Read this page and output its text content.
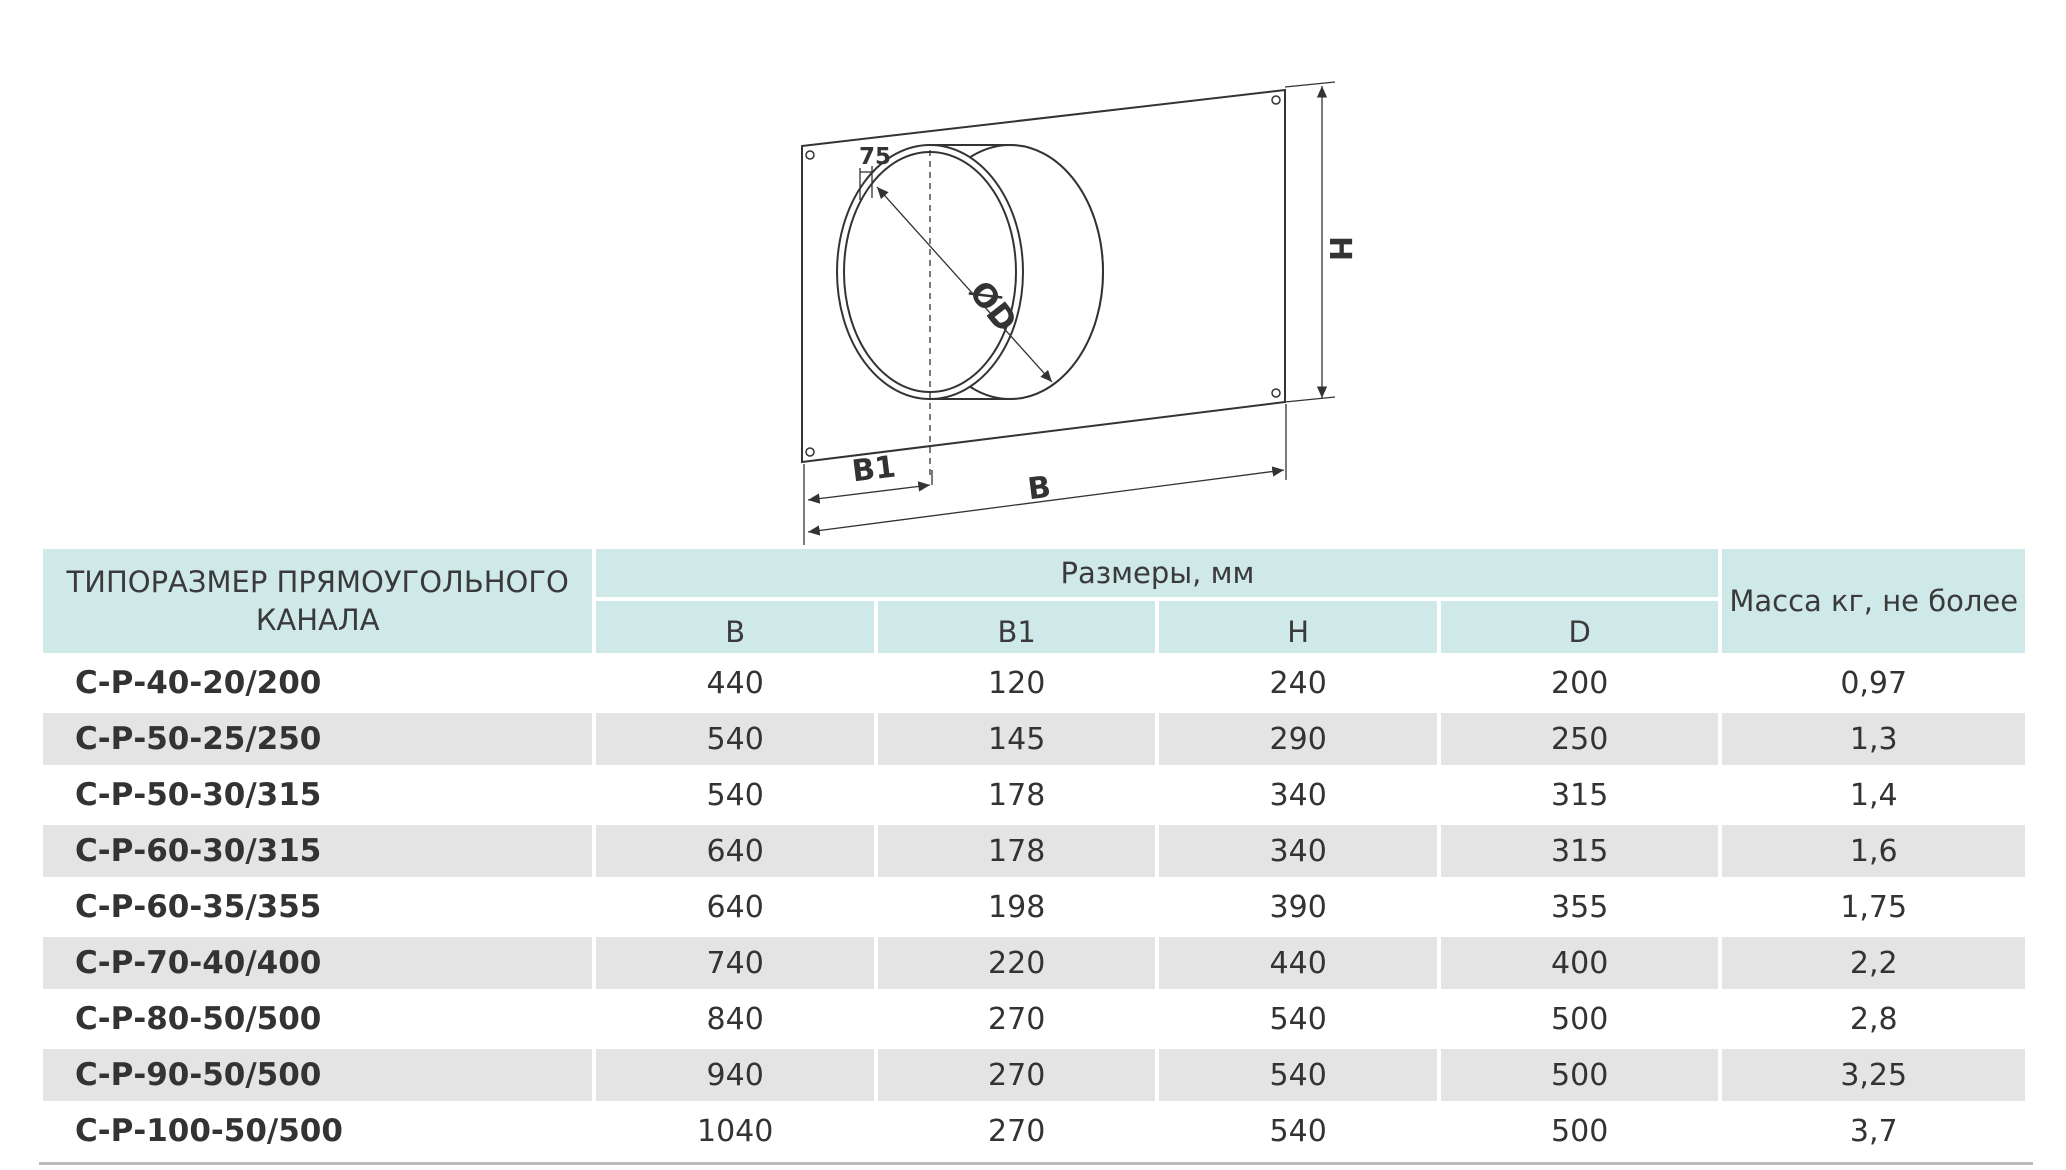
75
ØD
H
B1	B
ТИПОРАЗМЕР ПРЯМОУГОЛЬНОГО КАНАЛА	Размеры, мм				Масса кг, не более
	B	B1	H	D	
С-Р-40-20/200	440	120	240	200	0,97
С-Р-50-25/250	540	145	290	250	1,3
С-Р-50-30/315	540	178	340	315	1,4
С-Р-60-30/315	640	178	340	315	1,6
С-Р-60-35/355	640	198	390	355	1,75
С-Р-70-40/400	740	220	440	400	2,2
С-Р-80-50/500	840	270	540	500	2,8
С-Р-90-50/500	940	270	540	500	3,25
С-Р-100-50/500	1040	270	540	500	3,7
